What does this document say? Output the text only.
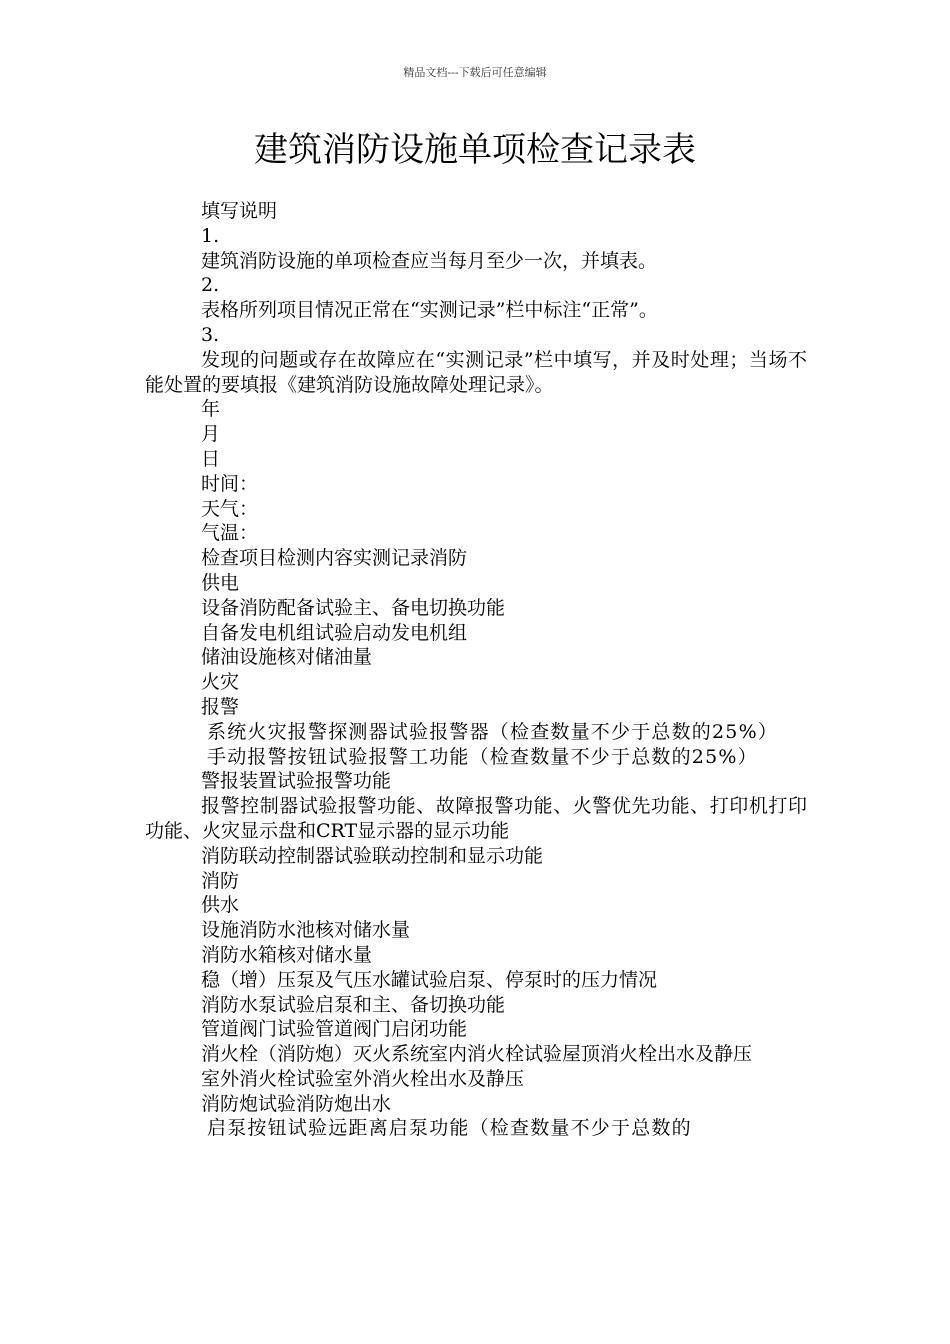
精品文档---下载后可任意编辑
建筑消防设施单项检查记录表

填写说明

1.

建筑消防设施的单项检查应当每月至少一次，并填表。

2.

表格所列项目情况正常在“实测记录”栏中标注“正常”。

3.

发现的问题或存在故障应在“实测记录”栏中填写，并及时处理；当场不能处置的要填报《建筑消防设施故障处理记录》。

年

月

日

时间：

天气：

气温：

检查项目检测内容实测记录消防

供电

设备消防配备试验主、备电切换功能

自备发电机组试验启动发电机组

储油设施核对储油量

火灾

报警

系统火灾报警探测器试验报警器（检查数量不少于总数的25%）

手动报警按钮试验报警工功能（检查数量不少于总数的25%）

警报装置试验报警功能

报警控制器试验报警功能、故障报警功能、火警优先功能、打印机打印功能、火灾显示盘和CRT显示器的显示功能

消防联动控制器试验联动控制和显示功能

消防

供水

设施消防水池核对储水量

消防水箱核对储水量

稳（增）压泵及气压水罐试验启泵、停泵时的压力情况

消防水泵试验启泵和主、备切换功能

管道阀门试验管道阀门启闭功能

消火栓（消防炮）灭火系统室内消火栓试验屋顶消火栓出水及静压

室外消火栓试验室外消火栓出水及静压

消防炮试验消防炮出水

启泵按钮试验远距离启泵功能（检查数量不少于总数的
